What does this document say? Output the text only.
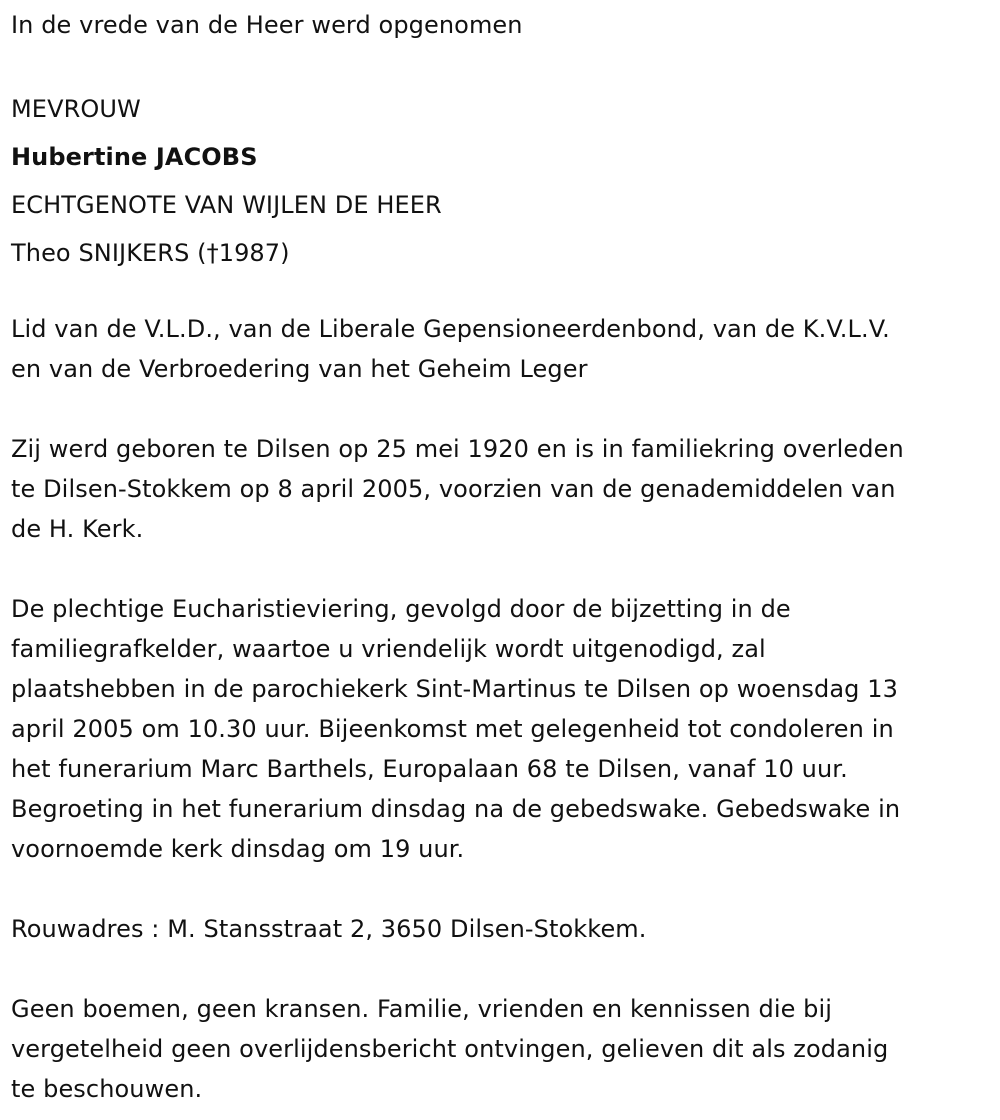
In de vrede van de Heer werd opgenomen
MEVROUW
Hubertine JACOBS
ECHTGENOTE VAN WIJLEN DE HEER
Theo SNIJKERS (†1987)
Lid van de V.L.D., van de Liberale Gepensioneerdenbond, van de K.V.L.V.
en van de Verbroedering van het Geheim Leger
Zij werd geboren te Dilsen op 25 mei 1920 en is in familiekring overleden
te Dilsen-Stokkem op 8 april 2005, voorzien van de genademiddelen van
de H. Kerk.
De plechtige Eucharistieviering, gevolgd door de bijzetting in de
familiegrafkelder, waartoe u vriendelijk wordt uitgenodigd, zal
plaatshebben in de parochiekerk Sint-Martinus te Dilsen op woensdag 13
april 2005 om 10.30 uur. Bijeenkomst met gelegenheid tot condoleren in
het funerarium Marc Barthels, Europalaan 68 te Dilsen, vanaf 10 uur.
Begroeting in het funerarium dinsdag na de gebedswake. Gebedswake in
voornoemde kerk dinsdag om 19 uur.
Rouwadres : M. Stansstraat 2, 3650 Dilsen-Stokkem.
Geen boemen, geen kransen. Familie, vrienden en kennissen die bij
vergetelheid geen overlijdensbericht ontvingen, gelieven dit als zodanig
te beschouwen.
